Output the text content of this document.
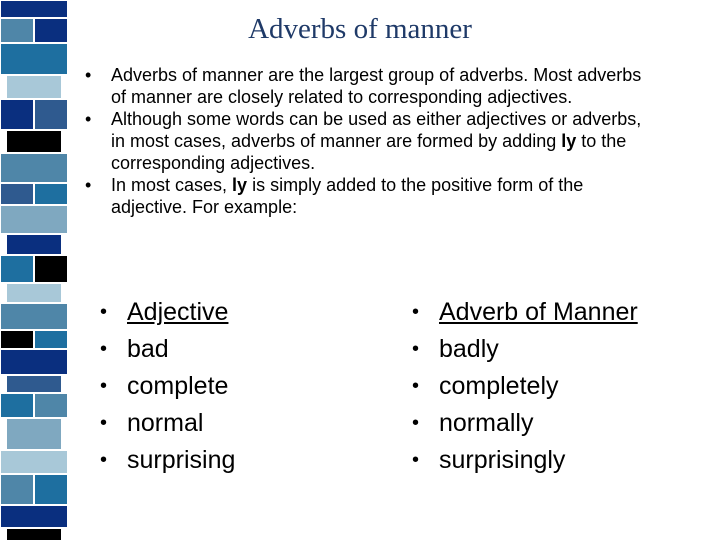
Adverbs of manner
• Adverbs of manner are the largest group of adverbs. Most adverbs of manner are closely related to corresponding adjectives.
• Although some words can be used as either adjectives or adverbs, in most cases, adverbs of manner are formed by adding ly to the corresponding adjectives.
• In most cases, ly is simply added to the positive form of the adjective. For example:
• Adjective
• bad
• complete
• normal
• surprising
• Adverb of Manner
• badly
• completely
• normally
• surprisingly
